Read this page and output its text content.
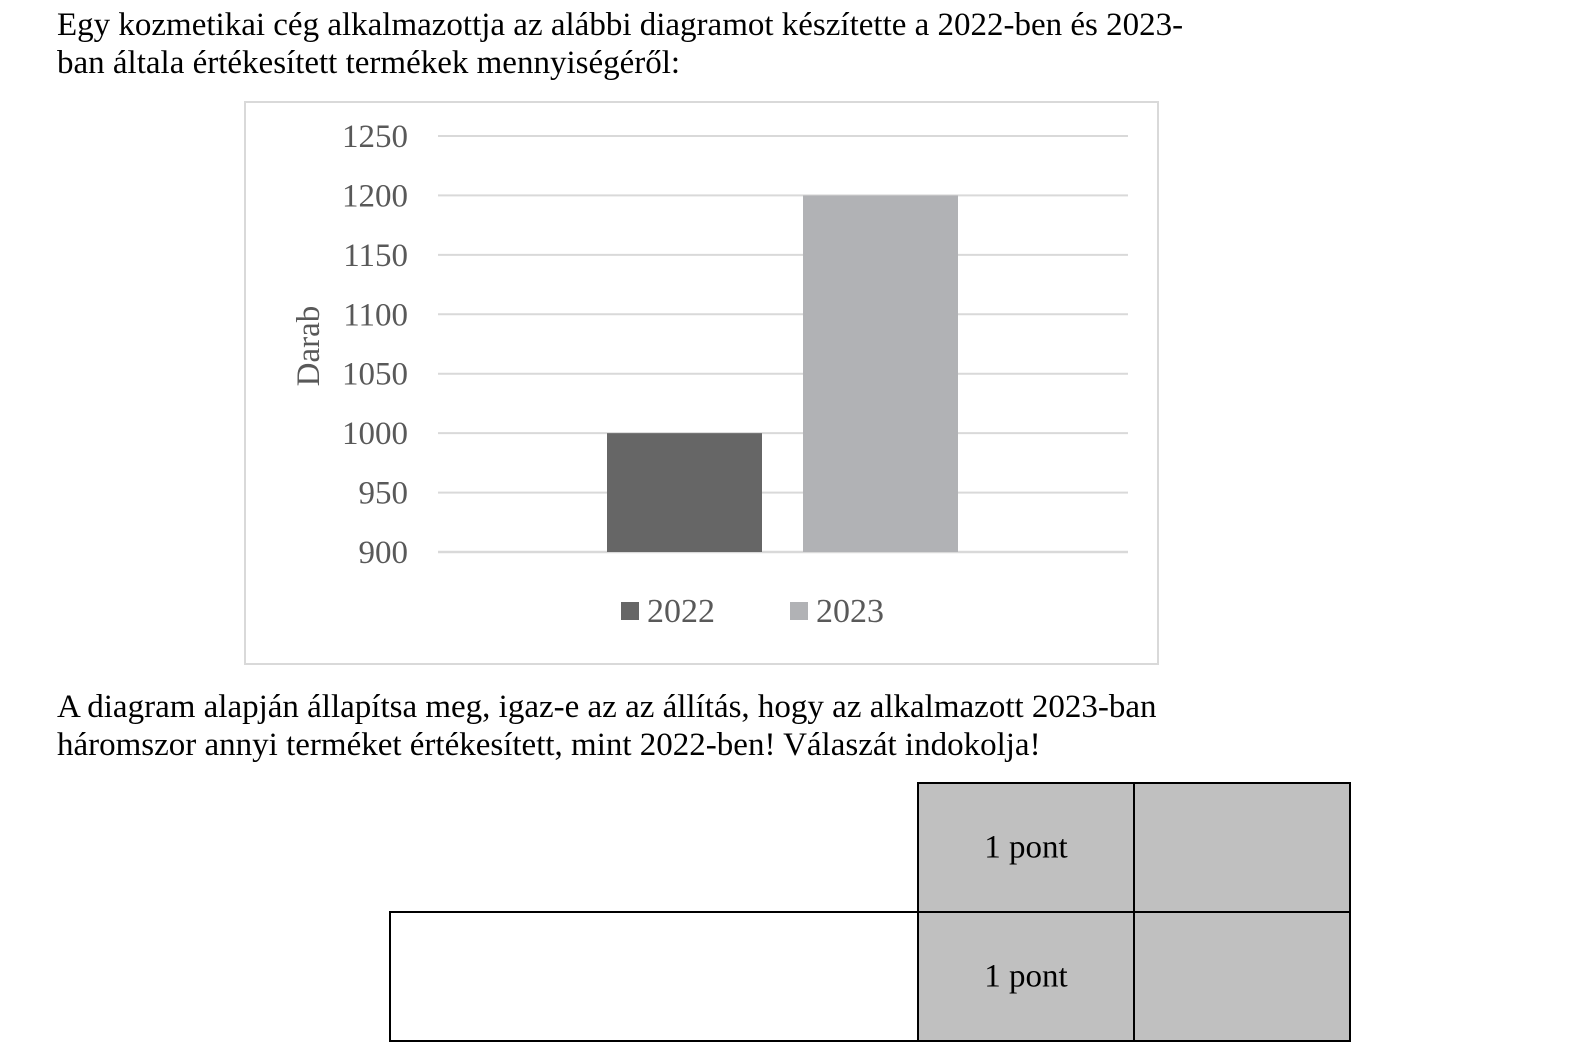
Egy kozmetikai cég alkalmazottja az alábbi diagramot készítette a 2022-ben és 2023-
ban általa értékesített termékek mennyiségéről:
900
950
1000
1050
1100
1150
1200
1250
Darab
2022	2023
A diagram alapján állapítsa meg, igaz-e az az állítás, hogy az alkalmazott 2023-ban
háromszor annyi terméket értékesített, mint 2022-ben! Válaszát indokolja!
1 pont
1 pont
